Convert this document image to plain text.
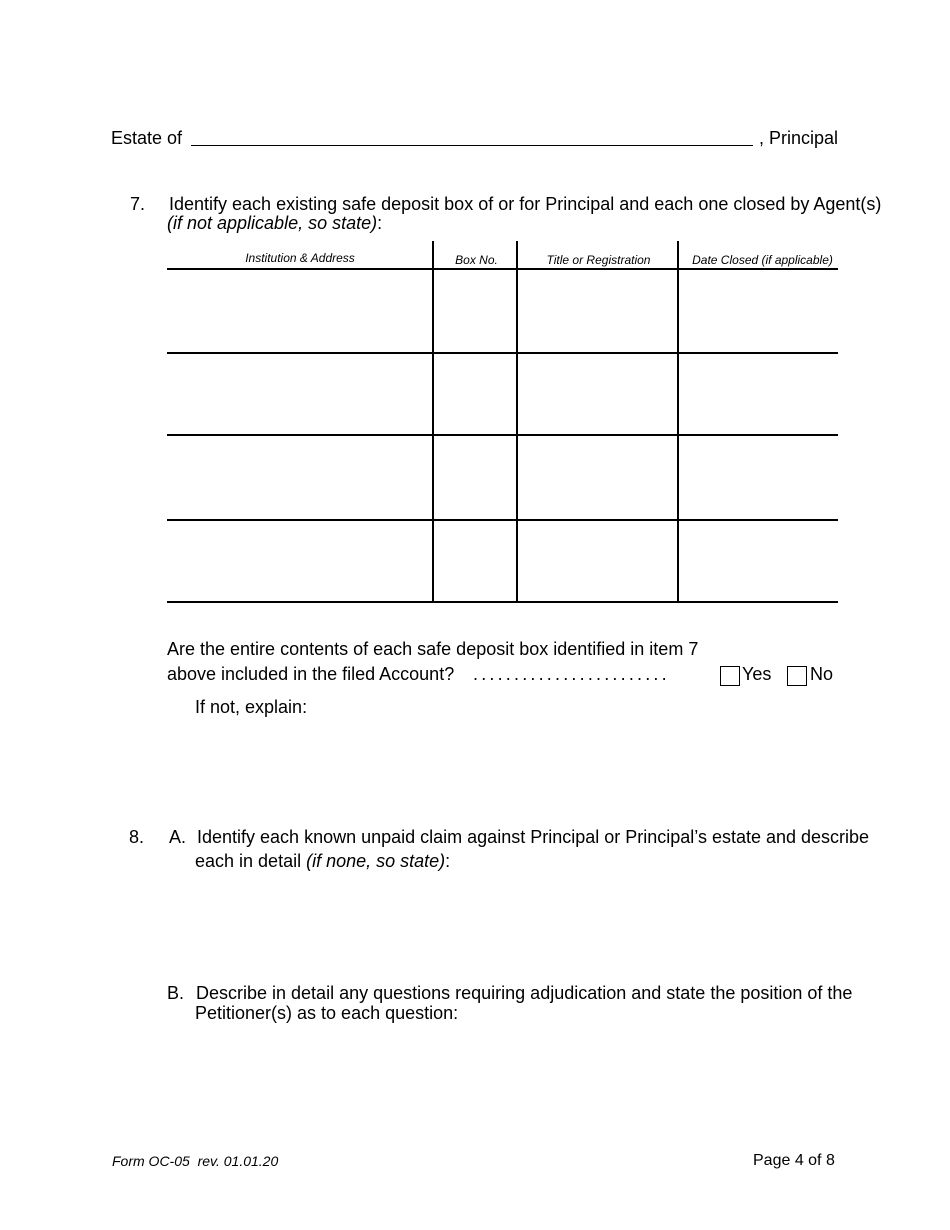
Estate of	, Principal
7. Identify each existing safe deposit box of or for Principal and each one closed by Agent(s)
(if not applicable, so state):
Institution & Address	Box No.	Title or Registration	Date Closed (if applicable)
Are the entire contents of each safe deposit box identified in item 7
above included in the filed Account? ........................	Yes No
If not, explain:
8. A. Identify each known unpaid claim against Principal or Principal’s estate and describe
each in detail (if none, so state):
B. Describe in detail any questions requiring adjudication and state the position of the
Petitioner(s) as to each question:
Form OC-05  rev. 01.01.20	Page 4 of 8
